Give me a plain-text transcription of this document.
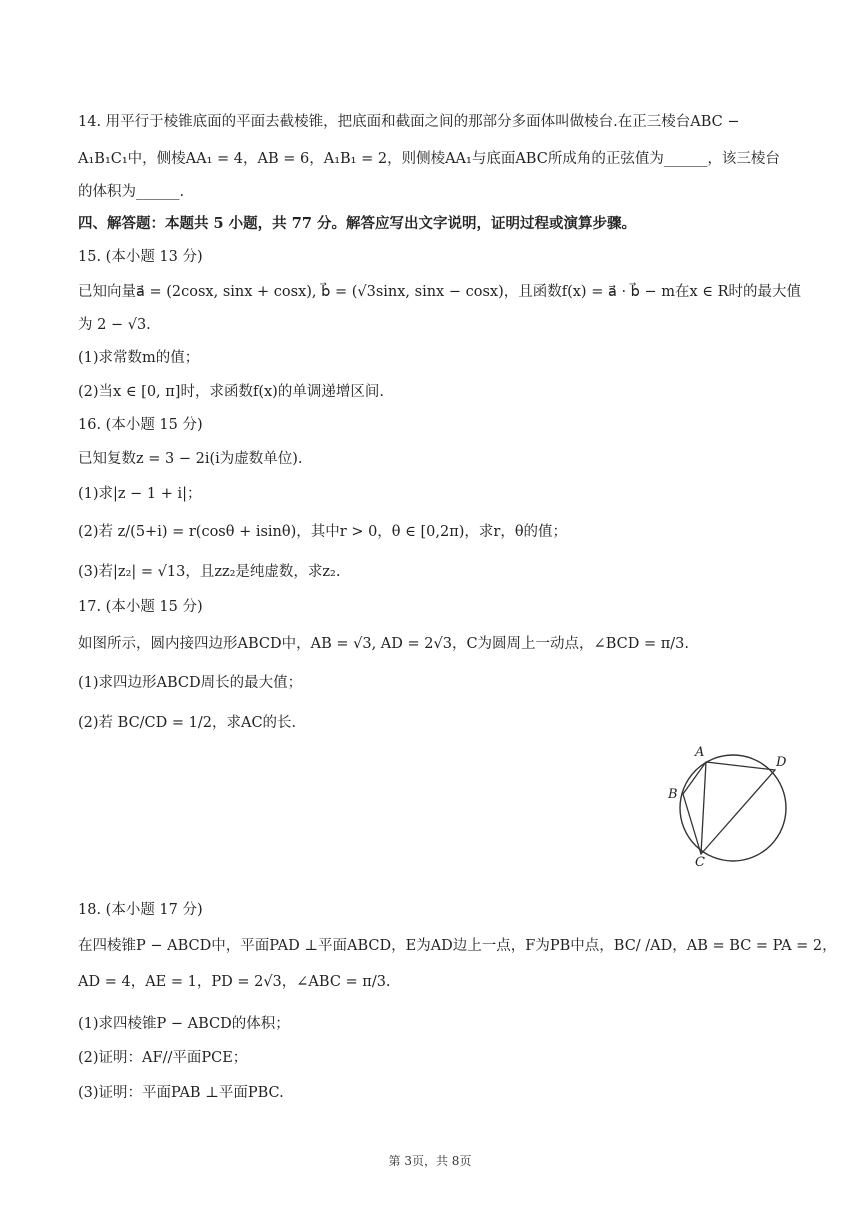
14. 用平行于棱锥底面的平面去截棱锥，把底面和截面之间的那部分多面体叫做棱台.在正三棱台ABC −
A₁B₁C₁中，侧棱AA₁ = 4，AB = 6，A₁B₁ = 2，则侧棱AA₁与底面ABC所成角的正弦值为______，该三棱台
的体积为______.
四、解答题：本题共 5 小题，共 77 分。解答应写出文字说明，证明过程或演算步骤。
15. (本小题 13 分)
已知向量a⃗ = (2cosx, sinx + cosx), b⃗ = (√3sinx, sinx − cosx)，且函数f(x) = a⃗ · b⃗ − m在x ∈ R时的最大值
为 2 − √3.
(1)求常数m的值；
(2)当x ∈ [0, π]时，求函数f(x)的单调递增区间.
16. (本小题 15 分)
已知复数z = 3 − 2i(i为虚数单位).
(1)求|z − 1 + i|；
(2)若 z/(5+i) = r(cosθ + isinθ)，其中r > 0，θ ∈ [0,2π)，求r，θ的值；
(3)若|z₂| = √13，且zz₂是纯虚数，求z₂.
17. (本小题 15 分)
如图所示，圆内接四边形ABCD中，AB = √3, AD = 2√3，C为圆周上一动点，∠BCD = π/3.
(1)求四边形ABCD周长的最大值；
(2)若 BC/CD = 1/2，求AC的长.
A
B
C
D
18. (本小题 17 分)
在四棱锥P − ABCD中，平面PAD ⊥平面ABCD，E为AD边上一点，F为PB中点，BC/ /AD，AB = BC = PA = 2，
AD = 4，AE = 1，PD = 2√3，∠ABC = π/3.
(1)求四棱锥P − ABCD的体积；
(2)证明：AF//平面PCE；
(3)证明：平面PAB ⊥平面PBC.
第 3页，共 8页
